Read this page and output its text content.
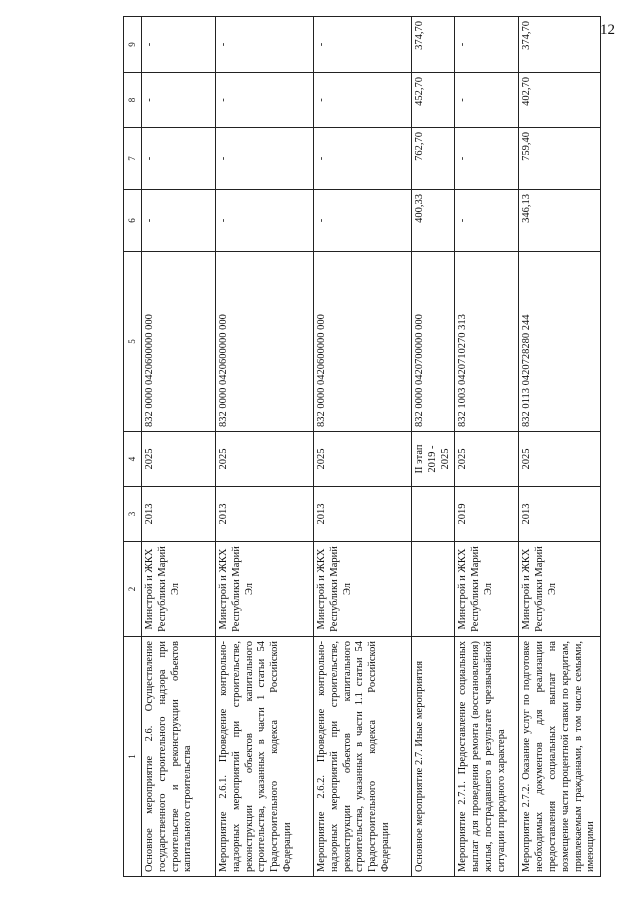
12
1	2	3	4	5	6	7	8	9
Основное мероприятие 2.6. Осуществление государственного строительного надзора при строительстве и реконструкции объектов капитального строительства	Минстрой и ЖКХ Республики Марий Эл	2013	2025	832 0000 0420600000 000	-	-	-	-
Мероприятие 2.6.1. Проведение контрольно-надзорных мероприятий при строительстве, реконструкции объектов капитального строительства, указанных в части 1 статьи 54 Градостроительного кодекса Российской Федерации	Минстрой и ЖКХ Республики Марий Эл	2013	2025	832 0000 0420600000 000	-	-	-	-
Мероприятие 2.6.2. Проведение контрольно-надзорных мероприятий при строительстве, реконструкции объектов капитального строительства, указанных в части 1.1 статьи 54 Градостроительного кодекса Российской Федерации	Минстрой и ЖКХ Республики Марий Эл	2013	2025	832 0000 0420600000 000	-	-	-	-
Основное мероприятие 2.7. Иные мероприятия			II этап 2019 - 2025	832 0000 0420700000 000	400,33	762,70	452,70	374,70
Мероприятие 2.7.1. Предоставление социальных выплат для проведения ремонта (восстановления) жилья, пострадавшего в результате чрезвычайной ситуации природного характера	Минстрой и ЖКХ Республики Марий Эл	2019	2025	832 1003 0420710270 313	-	-	-	-
Мероприятие 2.7.2. Оказание услуг по подготовке необходимых документов для реализации предоставления социальных выплат на возмещение части процентной ставки по кредитам, привлекаемым гражданами, в том числе семьями, имеющими	Минстрой и ЖКХ Республики Марий Эл	2013	2025	832 0113 0420728280 244	346,13	759,40	402,70	374,70
